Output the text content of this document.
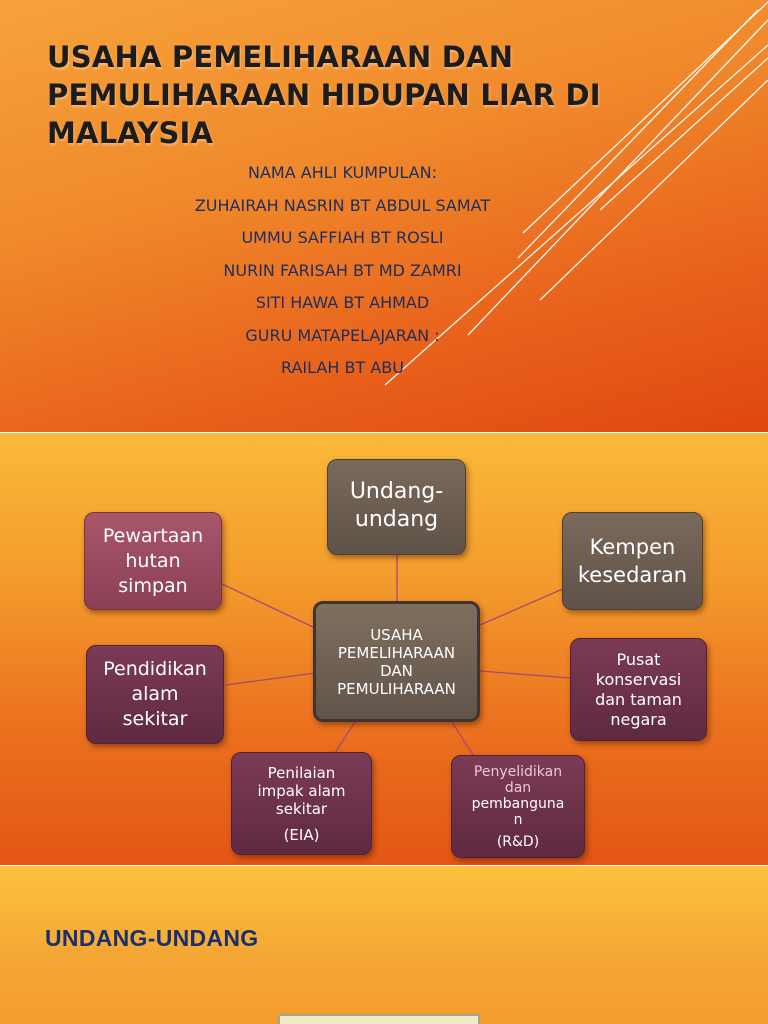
USAHA PEMELIHARAAN DAN
PEMULIHARAAN HIDUPAN LIAR DI
MALAYSIA
NAMA AHLI KUMPULAN:
ZUHAIRAH NASRIN BT ABDUL SAMAT
UMMU SAFFIAH BT ROSLI
NURIN FARISAH BT MD ZAMRI
SITI HAWA BT AHMAD
GURU MATAPELAJARAN :
RAILAH BT ABU
USAHA
PEMELIHARAAN
DAN
PEMULIHARAAN
Undang-
undang
Pewartaan
hutan
simpan
Kempen
kesedaran
Pendidikan
alam
sekitar
Pusat
konservasi
dan taman
negara
Penilaian
impak alam
sekitar
(EIA)
Penyelidikan
dan
pembanguna
n
(R&D)
UNDANG-UNDANG
